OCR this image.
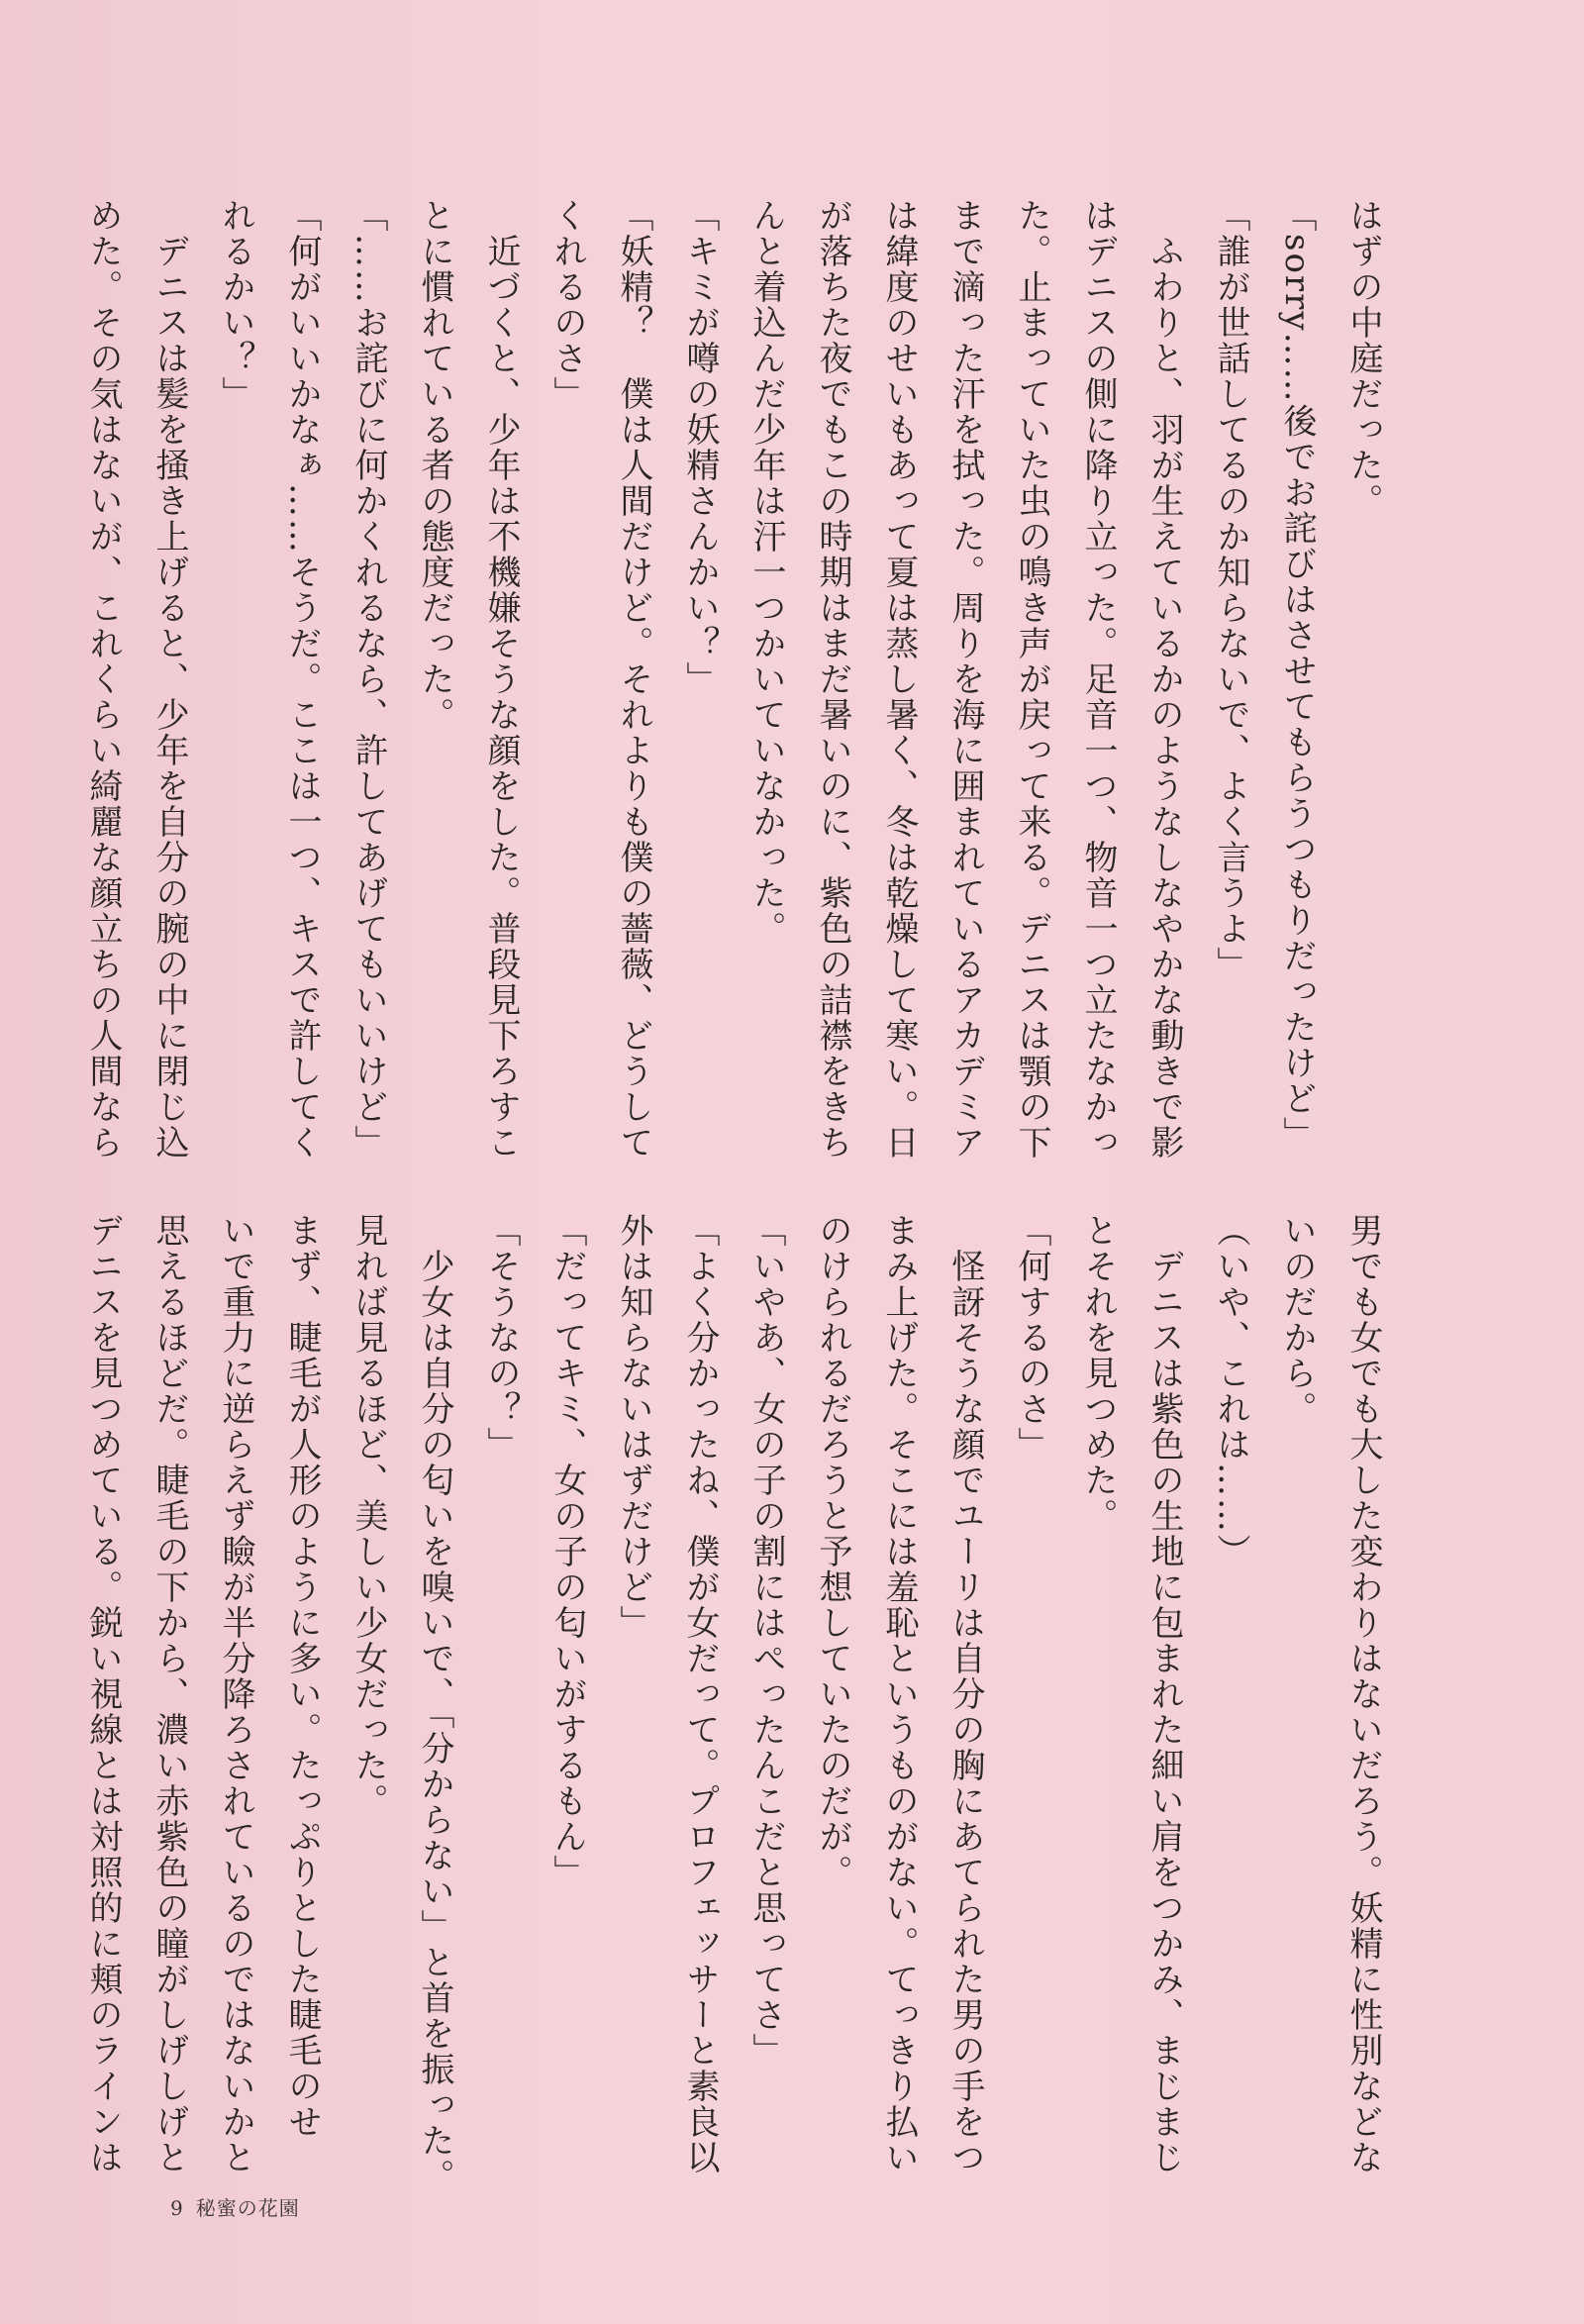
はずの中庭だった。
「sorry……後でお詫びはさせてもらうつもりだったけど」
「誰が世話してるのか知らないで、よく言うよ」
　ふわりと、羽が生えているかのようなしなやかな動きで影
はデニスの側に降り立った。足音一つ、物音一つ立たなかっ
た。止まっていた虫の鳴き声が戻って来る。デニスは顎の下
まで滴った汗を拭った。周りを海に囲まれているアカデミア
は緯度のせいもあって夏は蒸し暑く、冬は乾燥して寒い。日
が落ちた夜でもこの時期はまだ暑いのに、紫色の詰襟をきち
んと着込んだ少年は汗一つかいていなかった。
「キミが噂の妖精さんかい？」
「妖精？　僕は人間だけど。それよりも僕の薔薇、どうして
くれるのさ」
　近づくと、少年は不機嫌そうな顔をした。普段見下ろすこ
とに慣れている者の態度だった。
「……お詫びに何かくれるなら、許してあげてもいいけど」
「何がいいかなぁ……そうだ。ここは一つ、キスで許してく
れるかい？」
　デニスは髪を掻き上げると、少年を自分の腕の中に閉じ込
めた。その気はないが、これくらい綺麗な顔立ちの人間なら
男でも女でも大した変わりはないだろう。妖精に性別などな
いのだから。
（いや、これは……）
　デニスは紫色の生地に包まれた細い肩をつかみ、まじまじ
とそれを見つめた。
「何するのさ」
　怪訝そうな顔でユーリは自分の胸にあてられた男の手をつ
まみ上げた。そこには羞恥というものがない。てっきり払い
のけられるだろうと予想していたのだが。
「いやあ、女の子の割にはぺったんこだと思ってさ」
「よく分かったね、僕が女だって。プロフェッサーと素良以
外は知らないはずだけど」
「だってキミ、女の子の匂いがするもん」
「そうなの？」
　少女は自分の匂いを嗅いで、「分からない」と首を振った。
見れば見るほど、美しい少女だった。
まず、睫毛が人形のように多い。たっぷりとした睫毛のせ
いで重力に逆らえず瞼が半分降ろされているのではないかと
思えるほどだ。睫毛の下から、濃い赤紫色の瞳がしげしげと
デニスを見つめている。鋭い視線とは対照的に頬のラインは
9 秘蜜の花園
